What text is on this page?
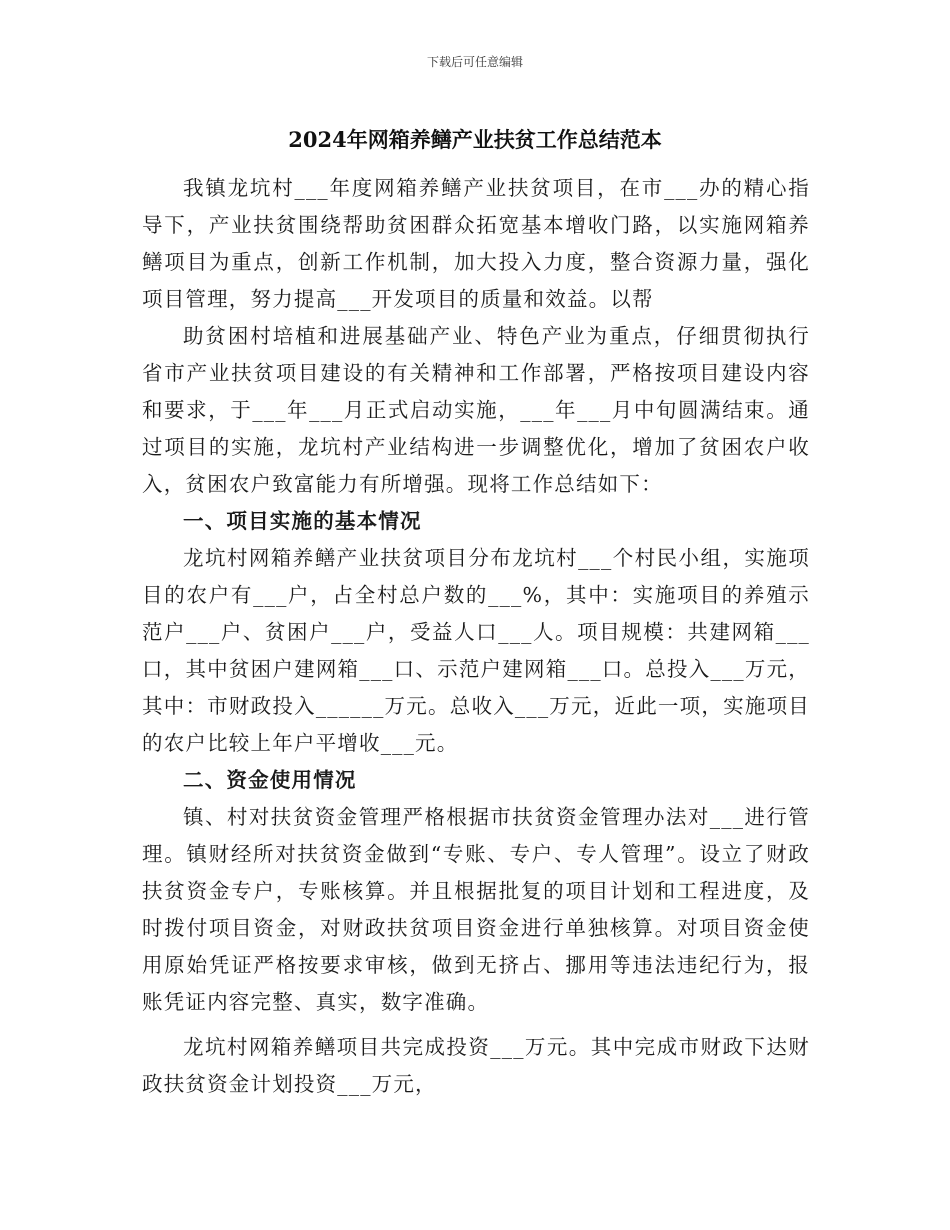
下载后可任意编辑
2024年网箱养鳝产业扶贫工作总结范本

我镇龙坑村___年度网箱养鳝产业扶贫项目，在市___办的精心指导下，产业扶贫围绕帮助贫困群众拓宽基本增收门路，以实施网箱养鳝项目为重点，创新工作机制，加大投入力度，整合资源力量，强化项目管理，努力提高___开发项目的质量和效益。以帮

助贫困村培植和进展基础产业、特色产业为重点，仔细贯彻执行省市产业扶贫项目建设的有关精神和工作部署，严格按项目建设内容和要求，于___年___月正式启动实施，___年___月中旬圆满结束。通过项目的实施，龙坑村产业结构进一步调整优化，增加了贫困农户收入，贫困农户致富能力有所增强。现将工作总结如下：

一、项目实施的基本情况

龙坑村网箱养鳝产业扶贫项目分布龙坑村___个村民小组，实施项目的农户有___户，占全村总户数的___%，其中：实施项目的养殖示范户___户、贫困户___户，受益人口___人。项目规模：共建网箱___口，其中贫困户建网箱___口、示范户建网箱___口。总投入___万元，其中：市财政投入______万元。总收入___万元，近此一项，实施项目的农户比较上年户平增收___元。

二、资金使用情况

镇、村对扶贫资金管理严格根据市扶贫资金管理办法对___进行管理。镇财经所对扶贫资金做到“专账、专户、专人管理”。设立了财政扶贫资金专户，专账核算。并且根据批复的项目计划和工程进度，及时拨付项目资金，对财政扶贫项目资金进行单独核算。对项目资金使用原始凭证严格按要求审核，做到无挤占、挪用等违法违纪行为，报账凭证内容完整、真实，数字准确。

龙坑村网箱养鳝项目共完成投资___万元。其中完成市财政下达财政扶贫资金计划投资___万元，
